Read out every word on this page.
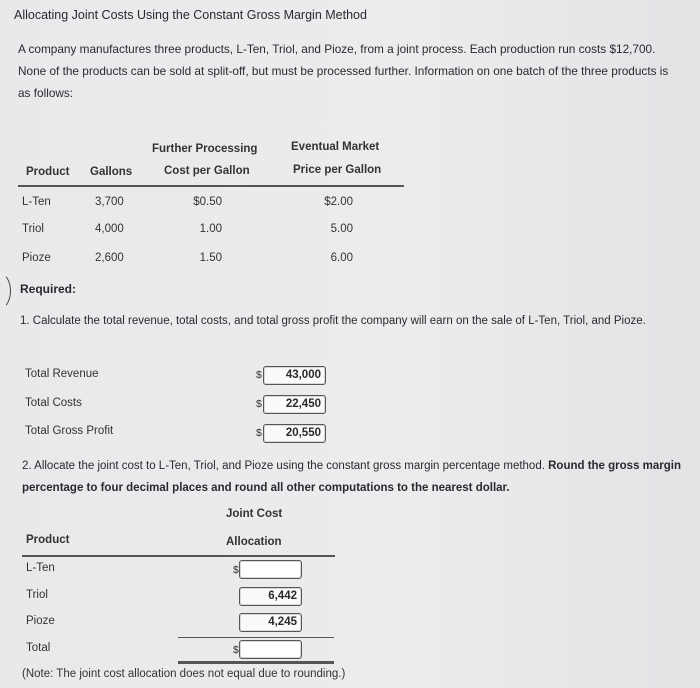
Allocating Joint Costs Using the Constant Gross Margin Method
A company manufactures three products, L-Ten, Triol, and Pioze, from a joint process. Each production run costs $12,700. None of the products can be sold at split-off, but must be processed further. Information on one batch of the three products is as follows:
Further Processing	Eventual Market
Product Gallons	Cost per Gallon	Price per Gallon
L-Ten	3,700	$0.50	$2.00
Triol	4,000	1.00	5.00
Pioze	2,600	1.50	6.00
Required:
1. Calculate the total revenue, total costs, and total gross profit the company will earn on the sale of L-Ten, Triol, and Pioze.
Total Revenue	$	43,000
Total Costs	$	22,450
Total Gross Profit	$	20,550
2. Allocate the joint cost to L-Ten, Triol, and Pioze using the constant gross margin percentage method. Round the gross margin percentage to four decimal places and round all other computations to the nearest dollar.
Joint Cost
Product	Allocation
L-Ten	$
Triol	6,442
Pioze	4,245
Total	$
(Note: The joint cost allocation does not equal due to rounding.)
